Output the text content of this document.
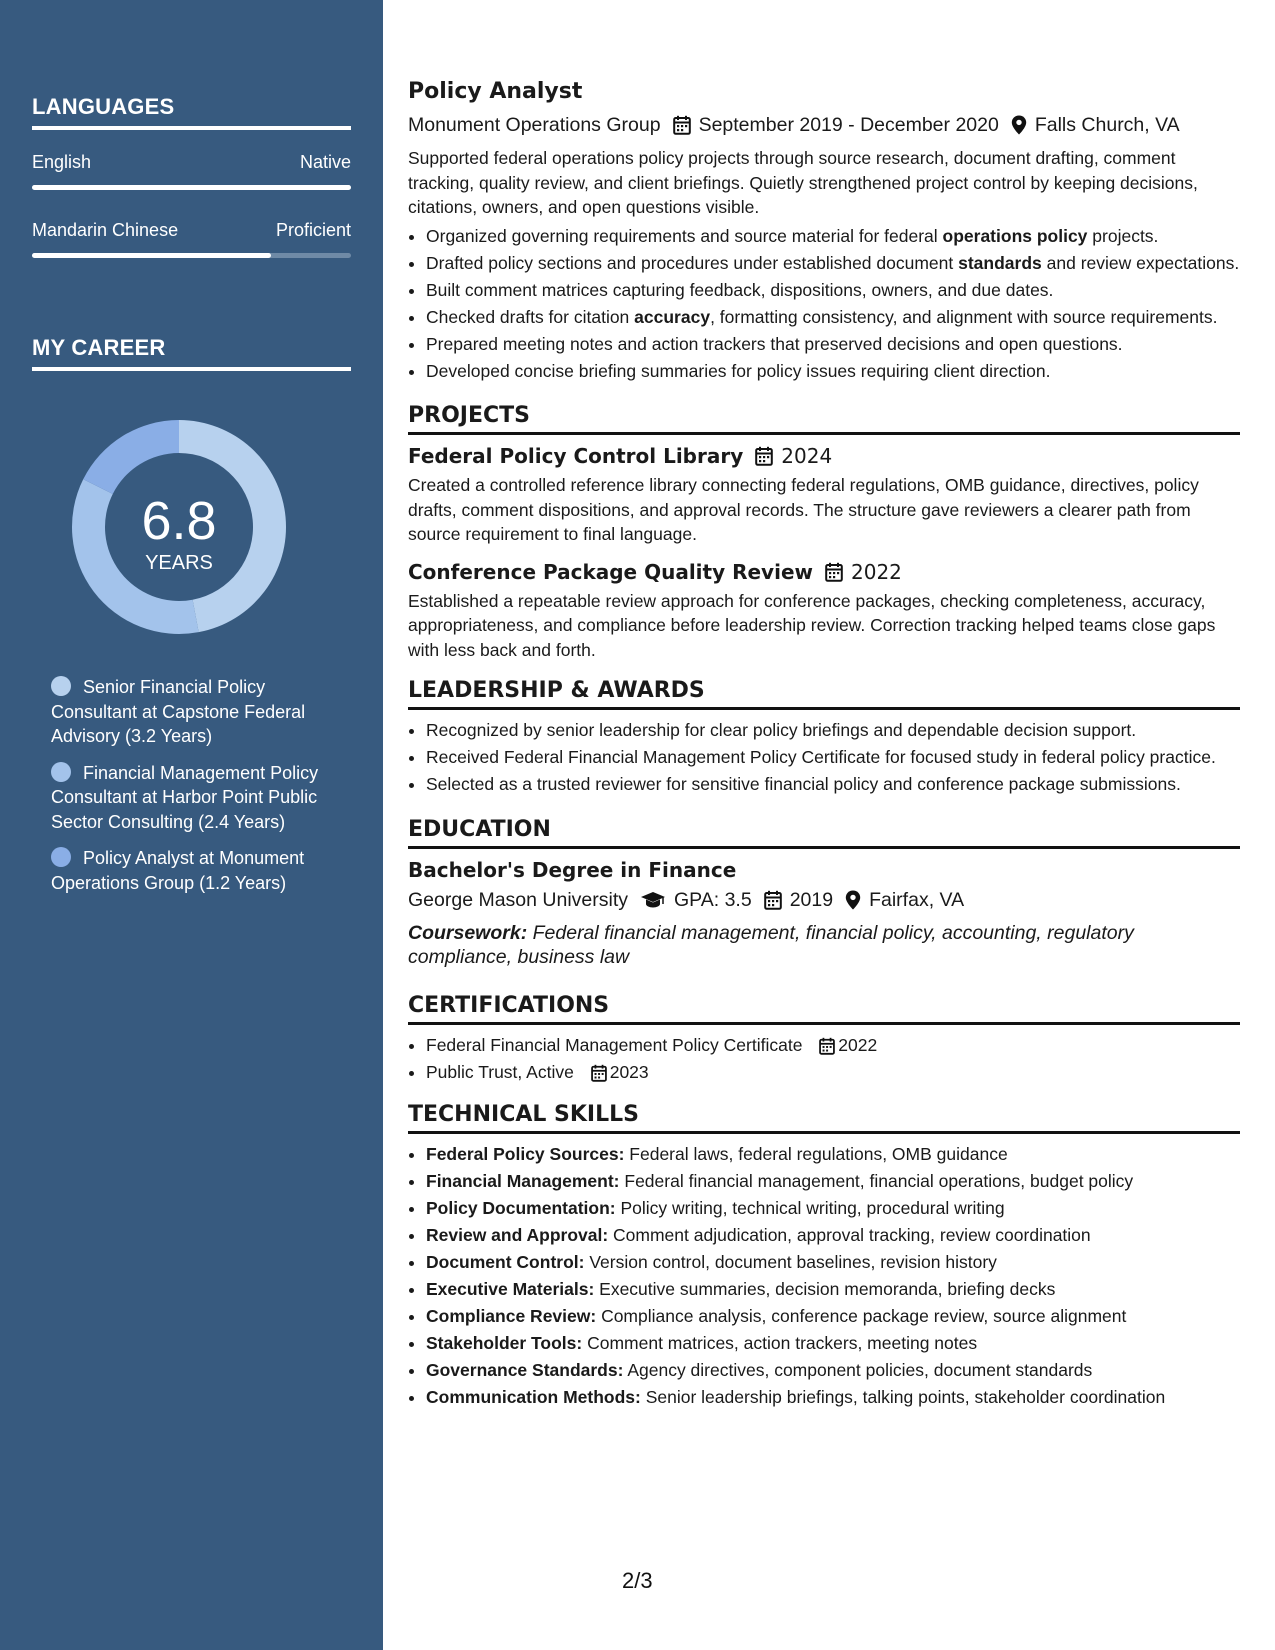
LANGUAGES
English	Native
Mandarin Chinese	Proficient
MY CAREER
6.8
YEARS
Senior Financial Policy Consultant at Capstone Federal Advisory (3.2 Years)
Financial Management Policy Consultant at Harbor Point Public Sector Consulting (2.4 Years)
Policy Analyst at Monument Operations Group (1.2 Years)
Policy Analyst
Monument Operations Group September 2019 - December 2020 Falls Church, VA

Supported federal operations policy projects through source research, document drafting, comment tracking, quality review, and client briefings. Quietly strengthened project control by keeping decisions, citations, owners, and open questions visible.

• Organized governing requirements and source material for federal operations policy projects.
• Drafted policy sections and procedures under established document standards and review expectations.
• Built comment matrices capturing feedback, dispositions, owners, and due dates.
• Checked drafts for citation accuracy, formatting consistency, and alignment with source requirements.
• Prepared meeting notes and action trackers that preserved decisions and open questions.
• Developed concise briefing summaries for policy issues requiring client direction.
PROJECTS
Federal Policy Control Library 2024

Created a controlled reference library connecting federal regulations, OMB guidance, directives, policy drafts, comment dispositions, and approval records. The structure gave reviewers a clearer path from source requirement to final language.

Conference Package Quality Review 2022

Established a repeatable review approach for conference packages, checking completeness, accuracy, appropriateness, and compliance before leadership review. Correction tracking helped teams close gaps with less back and forth.

LEADERSHIP & AWARDS
• Recognized by senior leadership for clear policy briefings and dependable decision support.
• Received Federal Financial Management Policy Certificate for focused study in federal policy practice.
• Selected as a trusted reviewer for sensitive financial policy and conference package submissions.
EDUCATION
Bachelor's Degree in Finance
George Mason University GPA: 3.5 2019 Fairfax, VA
Coursework: Federal financial management, financial policy, accounting, regulatory compliance, business law
CERTIFICATIONS
• Federal Financial Management Policy Certificate 2022
• Public Trust, Active 2023
TECHNICAL SKILLS
• Federal Policy Sources: Federal laws, federal regulations, OMB guidance
• Financial Management: Federal financial management, financial operations, budget policy
• Policy Documentation: Policy writing, technical writing, procedural writing
• Review and Approval: Comment adjudication, approval tracking, review coordination
• Document Control: Version control, document baselines, revision history
• Executive Materials: Executive summaries, decision memoranda, briefing decks
• Compliance Review: Compliance analysis, conference package review, source alignment
• Stakeholder Tools: Comment matrices, action trackers, meeting notes
• Governance Standards: Agency directives, component policies, document standards
• Communication Methods: Senior leadership briefings, talking points, stakeholder coordination
2/3
